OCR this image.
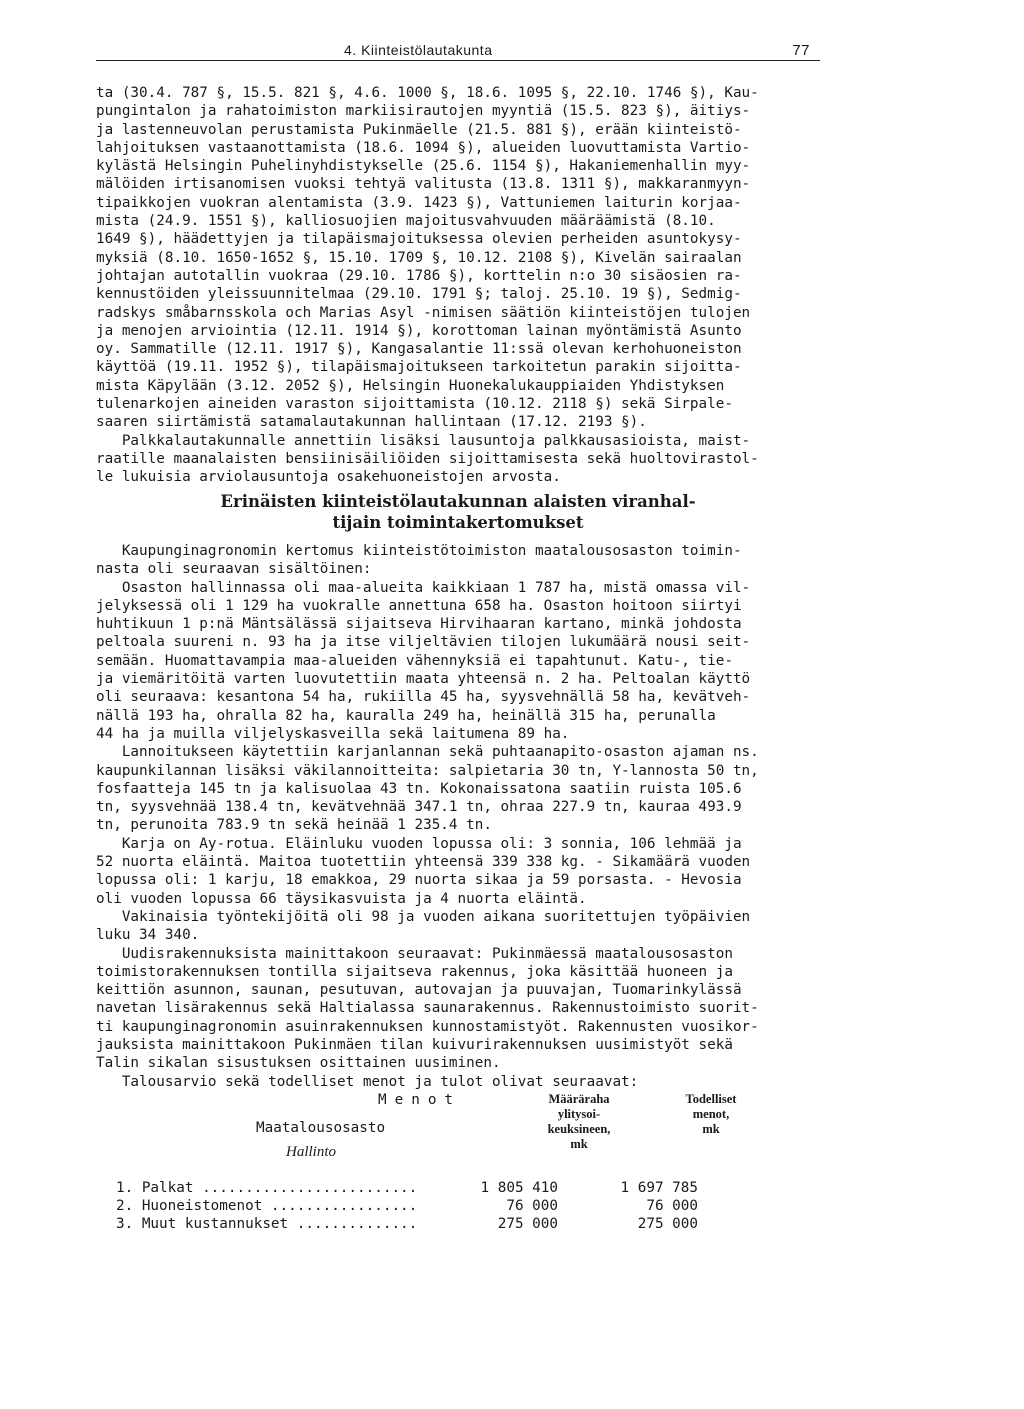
4. Kiinteistölautakunta	77
ta (30.4. 787 §, 15.5. 821 §, 4.6. 1000 §, 18.6. 1095 §, 22.10. 1746 §), Kau-
pungintalon ja rahatoimiston markiisirautojen myyntiä (15.5. 823 §), äitiys-
ja lastenneuvolan perustamista Pukinmäelle (21.5. 881 §), erään kiinteistö-
lahjoituksen vastaanottamista (18.6. 1094 §), alueiden luovuttamista Vartio-
kylästä Helsingin Puhelinyhdistykselle (25.6. 1154 §), Hakaniemenhallin myy-
mälöiden irtisanomisen vuoksi tehtyä valitusta (13.8. 1311 §), makkaranmyyn-
tipaikkojen vuokran alentamista (3.9. 1423 §), Vattuniemen laiturin korjaa-
mista (24.9. 1551 §), kalliosuojien majoitusvahvuuden määräämistä (8.10.
1649 §), häädettyjen ja tilapäismajoituksessa olevien perheiden asuntokysy-
myksiä (8.10. 1650-1652 §, 15.10. 1709 §, 10.12. 2108 §), Kivelän sairaalan
johtajan autotallin vuokraa (29.10. 1786 §), korttelin n:o 30 sisäosien ra-
kennustöiden yleissuunnitelmaa (29.10. 1791 §; taloj. 25.10. 19 §), Sedmig-
radskys småbarnsskola och Marias Asyl -nimisen säätiön kiinteistöjen tulojen
ja menojen arviointia (12.11. 1914 §), korottoman lainan myöntämistä Asunto
oy. Sammatille (12.11. 1917 §), Kangasalantie 11:ssä olevan kerhohuoneiston
käyttöä (19.11. 1952 §), tilapäismajoitukseen tarkoitetun parakin sijoitta-
mista Käpylään (3.12. 2052 §), Helsingin Huonekalukauppiaiden Yhdistyksen
tulenarkojen aineiden varaston sijoittamista (10.12. 2118 §) sekä Sirpale-
saaren siirtämistä satamalautakunnan hallintaan (17.12. 2193 §).
Palkkalautakunnalle annettiin lisäksi lausuntoja palkkausasioista, maist-
raatille maanalaisten bensiinisäiliöiden sijoittamisesta sekä huoltovirastol-
le lukuisia arviolausuntoja osakehuoneistojen arvosta.
Erinäisten kiinteistölautakunnan alaisten viranhal-
tijain toimintakertomukset
Kaupunginagronomin kertomus kiinteistötoimiston maatalousosaston toimin-
nasta oli seuraavan sisältöinen:
Osaston hallinnassa oli maa-alueita kaikkiaan 1 787 ha, mistä omassa vil-
jelyksessä oli 1 129 ha vuokralle annettuna 658 ha. Osaston hoitoon siirtyi
huhtikuun 1 p:nä Mäntsälässä sijaitseva Hirvihaaran kartano, minkä johdosta
peltoala suureni n. 93 ha ja itse viljeltävien tilojen lukumäärä nousi seit-
semään. Huomattavampia maa-alueiden vähennyksiä ei tapahtunut. Katu-, tie-
ja viemäritöitä varten luovutettiin maata yhteensä n. 2 ha. Peltoalan käyttö
oli seuraava: kesantona 54 ha, rukiilla 45 ha, syysvehnällä 58 ha, kevätveh-
nällä 193 ha, ohralla 82 ha, kauralla 249 ha, heinällä 315 ha, perunalla
44 ha ja muilla viljelyskasveilla sekä laitumena 89 ha.
Lannoitukseen käytettiin karjanlannan sekä puhtaanapito-osaston ajaman ns.
kaupunkilannan lisäksi väkilannoitteita: salpietaria 30 tn, Y-lannosta 50 tn,
fosfaatteja 145 tn ja kalisuolaa 43 tn. Kokonaissatona saatiin ruista 105.6
tn, syysvehnää 138.4 tn, kevätvehnää 347.1 tn, ohraa 227.9 tn, kauraa 493.9
tn, perunoita 783.9 tn sekä heinää 1 235.4 tn.
Karja on Ay-rotua. Eläinluku vuoden lopussa oli: 3 sonnia, 106 lehmää ja
52 nuorta eläintä. Maitoa tuotettiin yhteensä 339 338 kg. - Sikamäärä vuoden
lopussa oli: 1 karju, 18 emakkoa, 29 nuorta sikaa ja 59 porsasta. - Hevosia
oli vuoden lopussa 66 täysikasvuista ja 4 nuorta eläintä.
Vakinaisia työntekijöitä oli 98 ja vuoden aikana suoritettujen työpäivien
luku 34 340.
Uudisrakennuksista mainittakoon seuraavat: Pukinmäessä maatalousosaston
toimistorakennuksen tontilla sijaitseva rakennus, joka käsittää huoneen ja
keittiön asunnon, saunan, pesutuvan, autovajan ja puuvajan, Tuomarinkylässä
navetan lisärakennus sekä Haltialassa saunarakennus. Rakennustoimisto suorit-
ti kaupunginagronomin asuinrakennuksen kunnostamistyöt. Rakennusten vuosikor-
jauksista mainittakoon Pukinmäen tilan kuivurirakennuksen uusimistyöt sekä
Talin sikalan sisustuksen osittainen uusiminen.
Talousarvio sekä todelliset menot ja tulot olivat seuraavat:
Menot	Määräraha
ylitysoi-
keuksineen,
mk
Todelliset
menot,
mk
Maatalousosasto
Hallinto
1. Palkat .........................	1 805 410	1 697 785
2. Huoneistomenot .................	76 000	76 000
3. Muut kustannukset ..............	275 000	275 000
